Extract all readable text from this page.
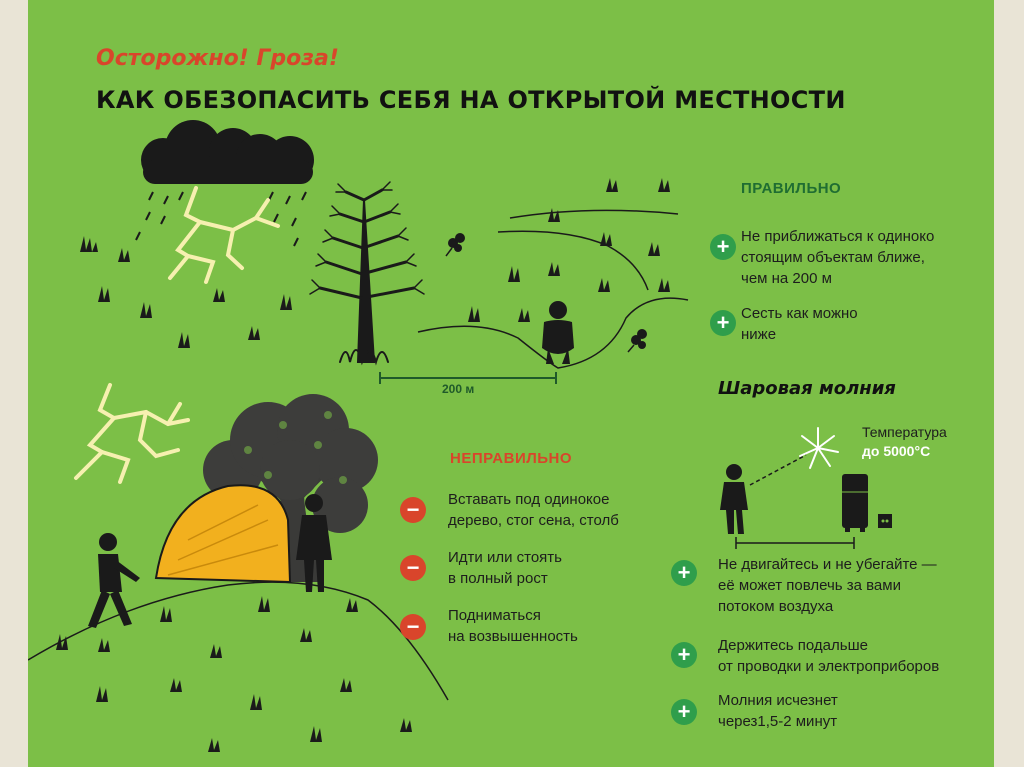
Осторожно! Гроза!

КАК ОБЕЗОПАСИТЬ СЕБЯ НА ОТКРЫТОЙ МЕСТНОСТИ

ПРАВИЛЬНО

+ Не приближаться к одиноко
стоящим объектам ближе,
чем на 200 м
+ Сесть как можно
ниже

200 м

НЕПРАВИЛЬНО

−	Вставать под одинокое
дерево, стог сена, столб
−	Идти или стоять
в полный рост
−	Подниматься
на возвышенность

Шаровая молния

Температура
до 5000°С
+	Не двигайтесь и не убегайте —
её может повлечь за вами
потоком воздуха
+	Держитесь подальше
от проводки и электроприборов
+	Молния исчезнет
через1,5-2 минут
